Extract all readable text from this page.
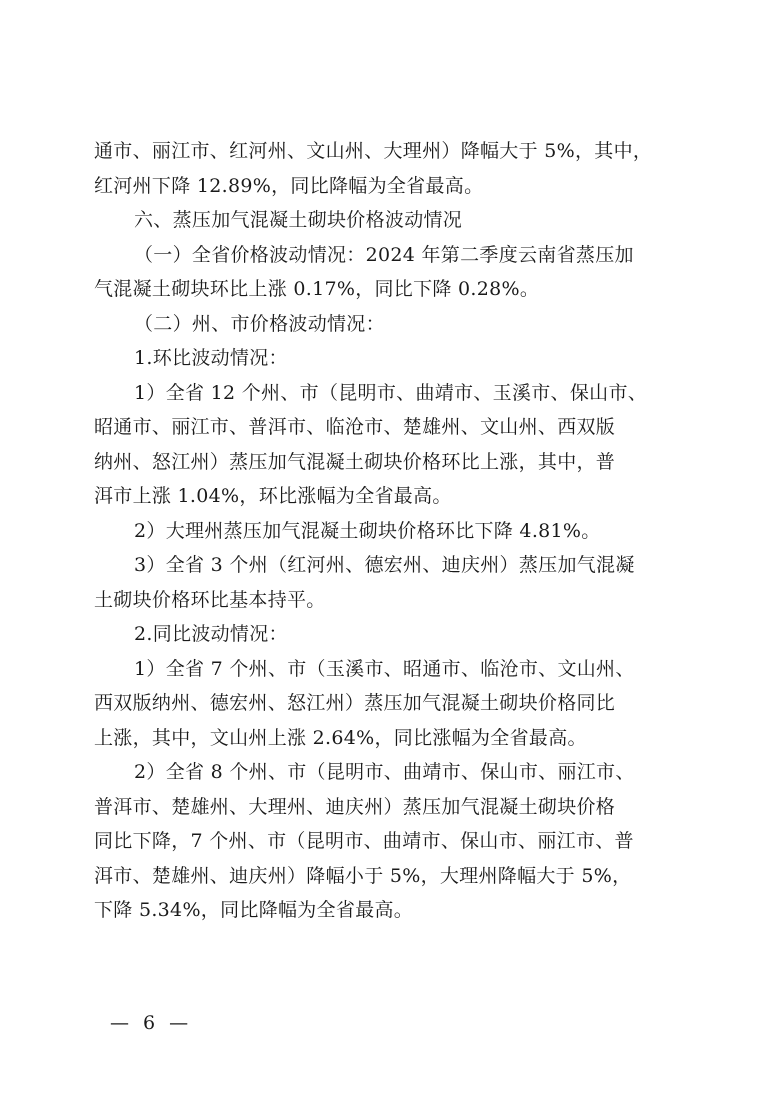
通市、丽江市、红河州、文山州、大理州）降幅大于 5%，其中，
红河州下降 12.89%，同比降幅为全省最高。
六、蒸压加气混凝土砌块价格波动情况
（一）全省价格波动情况：2024 年第二季度云南省蒸压加
气混凝土砌块环比上涨 0.17%，同比下降 0.28%。
（二）州、市价格波动情况：
1.环比波动情况：
1）全省 12 个州、市（昆明市、曲靖市、玉溪市、保山市、
昭通市、丽江市、普洱市、临沧市、楚雄州、文山州、西双版
纳州、怒江州）蒸压加气混凝土砌块价格环比上涨，其中，普
洱市上涨 1.04%，环比涨幅为全省最高。
2）大理州蒸压加气混凝土砌块价格环比下降 4.81%。
3）全省 3 个州（红河州、德宏州、迪庆州）蒸压加气混凝
土砌块价格环比基本持平。
2.同比波动情况：
1）全省 7 个州、市（玉溪市、昭通市、临沧市、文山州、
西双版纳州、德宏州、怒江州）蒸压加气混凝土砌块价格同比
上涨，其中，文山州上涨 2.64%，同比涨幅为全省最高。
2）全省 8 个州、市（昆明市、曲靖市、保山市、丽江市、
普洱市、楚雄州、大理州、迪庆州）蒸压加气混凝土砌块价格
同比下降，7 个州、市（昆明市、曲靖市、保山市、丽江市、普
洱市、楚雄州、迪庆州）降幅小于 5%，大理州降幅大于 5%，
下降 5.34%，同比降幅为全省最高。
— 6 —
